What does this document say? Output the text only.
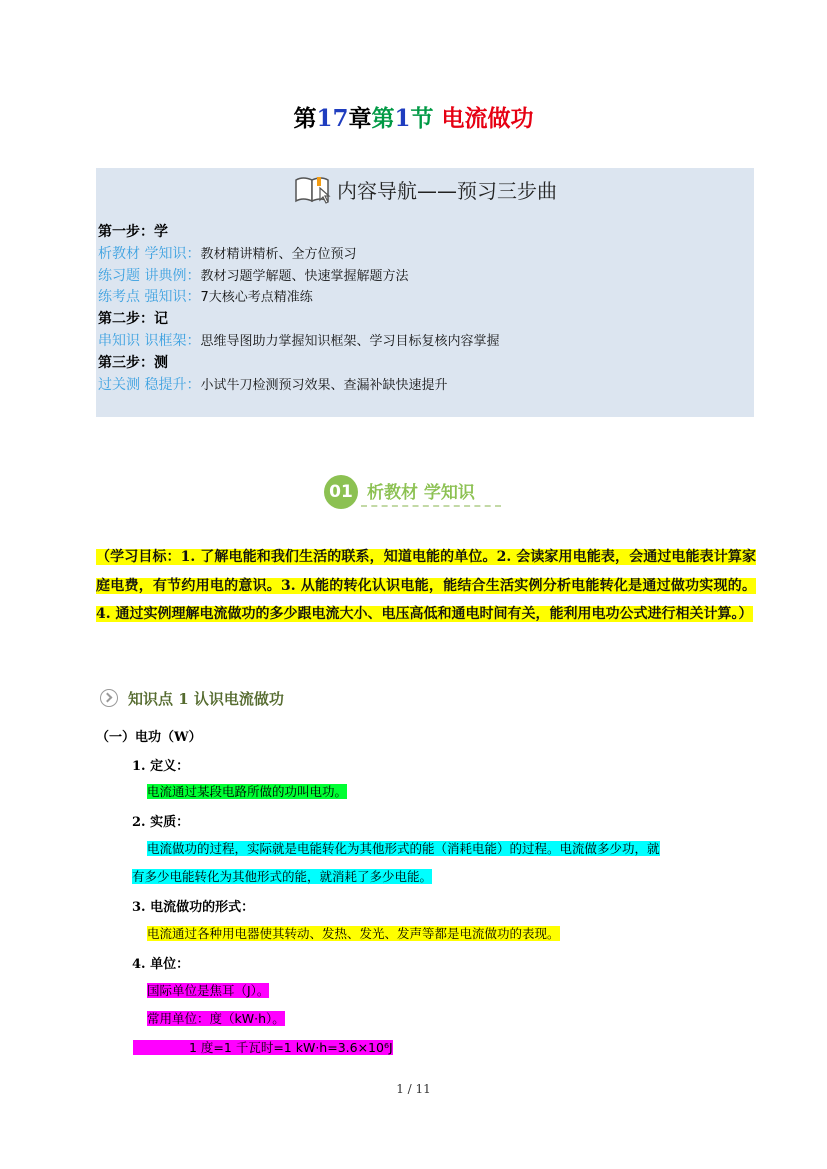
第17章第1节 电流做功
内容导航——预习三步曲
第一步：学
析教材 学知识：教材精讲精析、全方位预习
练习题 讲典例：教材习题学解题、快速掌握解题方法
练考点 强知识：7大核心考点精准练
第二步：记
串知识 识框架：思维导图助力掌握知识框架、学习目标复核内容掌握
第三步：测
过关测 稳提升：小试牛刀检测预习效果、查漏补缺快速提升
01 析教材 学知识
（学习目标：1. 了解电能和我们生活的联系，知道电能的单位。2. 会读家用电能表，会通过电能表计算家庭电费，有节约用电的意识。3. 从能的转化认识电能，能结合生活实例分析电能转化是通过做功实现的。4. 通过实例理解电流做功的多少跟电流大小、电压高低和通电时间有关，能利用电功公式进行相关计算。）
知识点 1 认识电流做功
（一）电功（W）
1. 定义：
电流通过某段电路所做的功叫电功。
2. 实质：
电流做功的过程，实际就是电能转化为其他形式的能（消耗电能）的过程。电流做多少功，就
有多少电能转化为其他形式的能，就消耗了多少电能。
3. 电流做功的形式：
电流通过各种用电器使其转动、发热、发光、发声等都是电流做功的表现。
4. 单位：
国际单位是焦耳（J）。
常用单位：度（kW·h）。
1 度=1 千瓦时=1 kW·h=3.6×10⁶J
1 / 11
